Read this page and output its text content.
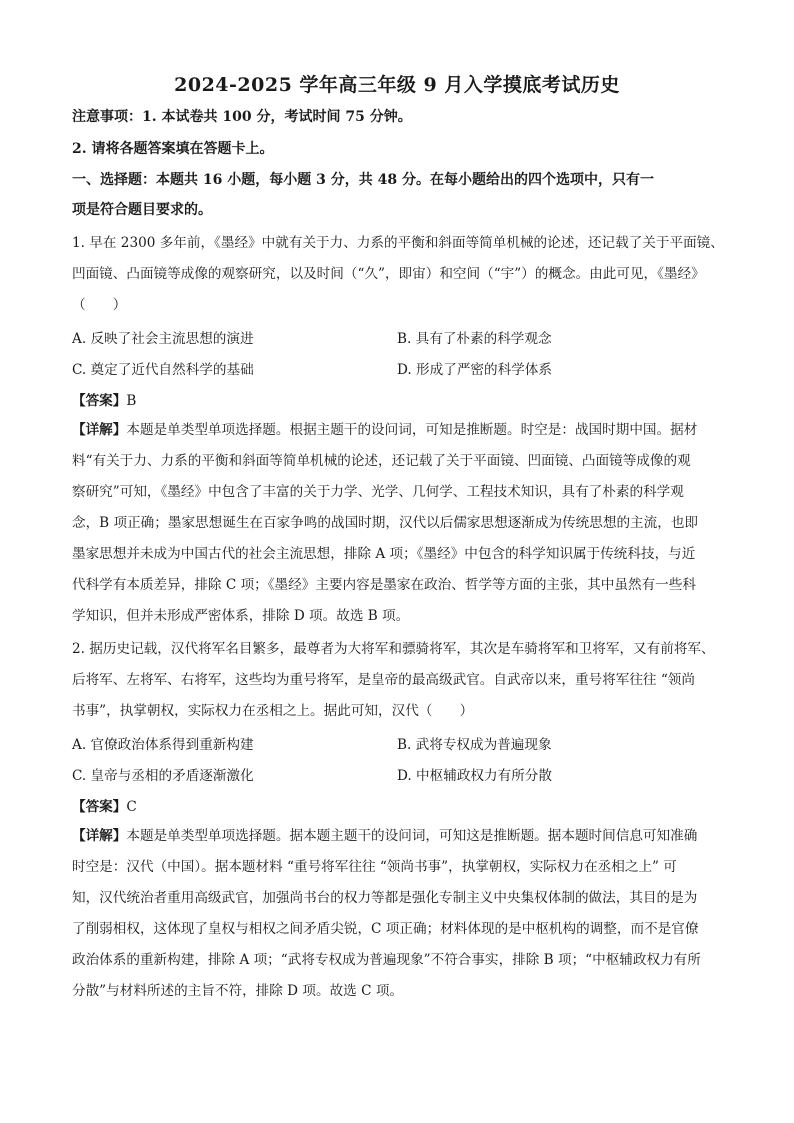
2024-2025 学年高三年级 9 月入学摸底考试历史
注意事项：1. 本试卷共 100 分，考试时间 75 分钟。
2. 请将各题答案填在答题卡上。
一、选择题：本题共 16 小题，每小题 3 分，共 48 分。在每小题给出的四个选项中，只有一
项是符合题目要求的。
1. 早在 2300 多年前，《墨经》中就有关于力、力系的平衡和斜面等简单机械的论述，还记载了关于平面镜、
凹面镜、凸面镜等成像的观察研究，以及时间（“久”，即宙）和空间（“宇”）的概念。由此可见，《墨经》
（　　）
A. 反映了社会主流思想的演进	B. 具有了朴素的科学观念
C. 奠定了近代自然科学的基础	D. 形成了严密的科学体系
【答案】B
【详解】本题是单类型单项选择题。根据主题干的设问词，可知是推断题。时空是：战国时期中国。据材
料“有关于力、力系的平衡和斜面等简单机械的论述，还记载了关于平面镜、凹面镜、凸面镜等成像的观
察研究”可知，《墨经》中包含了丰富的关于力学、光学、几何学、工程技术知识，具有了朴素的科学观
念，B 项正确；墨家思想诞生在百家争鸣的战国时期，汉代以后儒家思想逐渐成为传统思想的主流，也即
墨家思想并未成为中国古代的社会主流思想，排除 A 项；《墨经》中包含的科学知识属于传统科技，与近
代科学有本质差异，排除 C 项；《墨经》主要内容是墨家在政治、哲学等方面的主张，其中虽然有一些科
学知识，但并未形成严密体系，排除 D 项。故选 B 项。
2. 据历史记载，汉代将军名目繁多，最尊者为大将军和骠骑将军，其次是车骑将军和卫将军，又有前将军、
后将军、左将军、右将军，这些均为重号将军，是皇帝的最高级武官。自武帝以来，重号将军往往 “领尚
书事”，执掌朝权，实际权力在丞相之上。据此可知，汉代（　　）
A. 官僚政治体系得到重新构建	B. 武将专权成为普遍现象
C. 皇帝与丞相的矛盾逐渐激化	D. 中枢辅政权力有所分散
【答案】C
【详解】本题是单类型单项选择题。据本题主题干的设问词，可知这是推断题。据本题时间信息可知准确
时空是：汉代（中国）。据本题材料 “重号将军往往 “领尚书事”，执掌朝权，实际权力在丞相之上” 可
知，汉代统治者重用高级武官，加强尚书台的权力等都是强化专制主义中央集权体制的做法，其目的是为
了削弱相权，这体现了皇权与相权之间矛盾尖锐，C 项正确；材料体现的是中枢机构的调整，而不是官僚
政治体系的重新构建，排除 A 项；“武将专权成为普遍现象”不符合事实，排除 B 项；“中枢辅政权力有所
分散”与材料所述的主旨不符，排除 D 项。故选 C 项。
